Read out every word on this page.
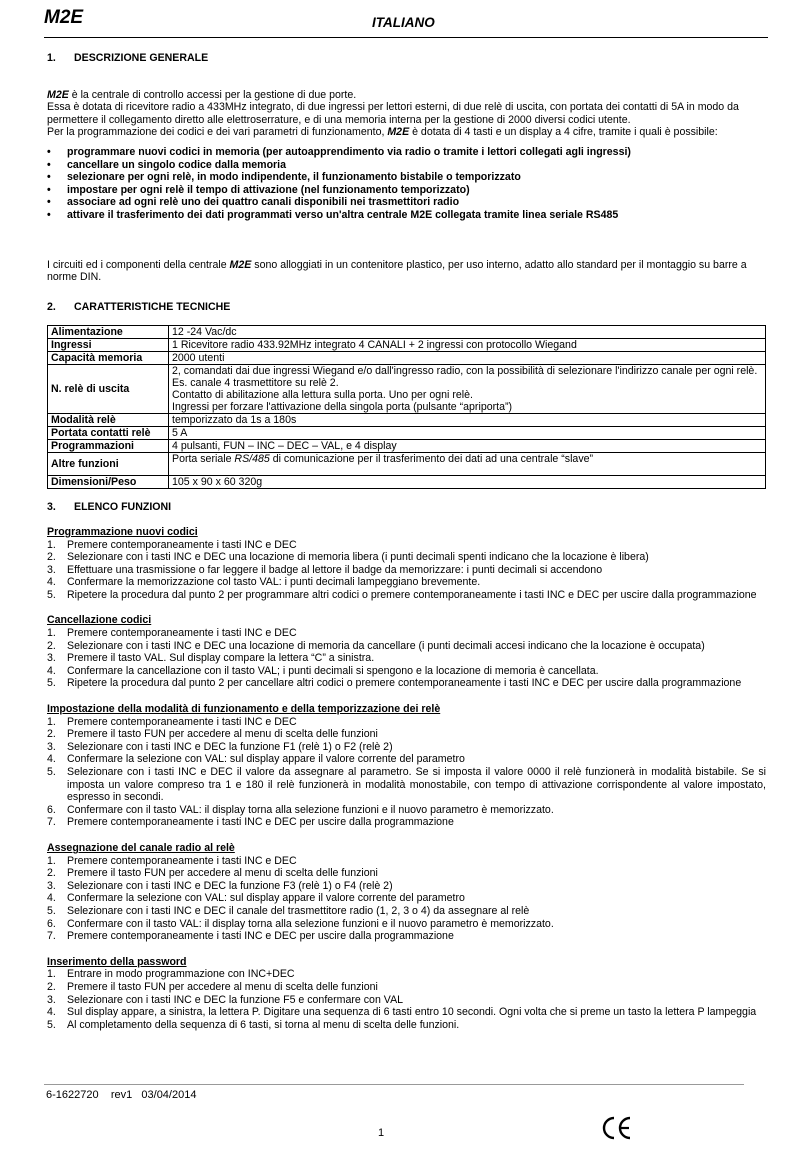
M2E	ITALIANO
1. DESCRIZIONE GENERALE

M2E è la centrale di controllo accessi per la gestione di due porte.

Essa è dotata di ricevitore radio a 433MHz integrato, di due ingressi per lettori esterni, di due relè di uscita, con portata dei contatti di 5A in modo da permettere il collegamento diretto alle elettroserrature, e di una memoria interna per la gestione di 2000 diversi codici utente.

Per la programmazione dei codici e dei vari parametri di funzionamento, M2E è dotata di 4 tasti e un display a 4 cifre, tramite i quali è possibile:

• programmare nuovi codici in memoria (per autoapprendimento via radio o tramite i lettori collegati agli ingressi)
• cancellare un singolo codice dalla memoria
• selezionare per ogni relè, in modo indipendente, il funzionamento bistabile o temporizzato
• impostare per ogni relè il tempo di attivazione (nel funzionamento temporizzato)
• associare ad ogni relè uno dei quattro canali disponibili nei trasmettitori radio
• attivare il trasferimento dei dati programmati verso un'altra centrale M2E collegata tramite linea seriale RS485

I circuiti ed i componenti della centrale M2E sono alloggiati in un contenitore plastico, per uso interno, adatto allo standard per il montaggio su barre a norme DIN.

2. CARATTERISTICHE TECNICHE
Alimentazione	12 -24 Vac/dc
Ingressi	1 Ricevitore radio 433.92MHz integrato 4 CANALI + 2 ingressi con protocollo Wiegand
Capacità memoria	2000 utenti
N. relè di uscita	2, comandati dai due ingressi Wiegand e/o dall'ingresso radio, con la possibilità di selezionare l'indirizzo canale per ogni relè. Es. canale 4 trasmettitore su relè 2.
Contatto di abilitazione alla lettura sulla porta. Uno per ogni relè.
Ingressi per forzare l'attivazione della singola porta (pulsante “apriporta”)

Modalità relè	temporizzato da 1s a 180s
Portata contatti relè	5 A
Programmazioni	4 pulsanti, FUN – INC – DEC – VAL, e 4 display
Altre funzioni	Porta seriale RS/485 di comunicazione per il trasferimento dei dati ad una centrale “slave”
Dimensioni/Peso	105 x 90 x 60 320g
3. ELENCO FUNZIONI
Programmazione nuovi codici
1. Premere contemporaneamente i tasti INC e DEC
2. Selezionare con i tasti INC e DEC una locazione di memoria libera (i punti decimali spenti indicano che la locazione è libera)
3. Effettuare una trasmissione o far leggere il badge al lettore il badge da memorizzare: i punti decimali si accendono
4. Confermare la memorizzazione col tasto VAL: i punti decimali lampeggiano brevemente.
5. Ripetere la procedura dal punto 2 per programmare altri codici o premere contemporaneamente i tasti INC e DEC per uscire dalla programmazione
Cancellazione codici
1. Premere contemporaneamente i tasti INC e DEC
2. Selezionare con i tasti INC e DEC una locazione di memoria da cancellare (i punti decimali accesi indicano che la locazione è occupata)
3. Premere il tasto VAL. Sul display compare la lettera “C” a sinistra.
4. Confermare la cancellazione con il tasto VAL; i punti decimali si spengono e la locazione di memoria è cancellata.
5. Ripetere la procedura dal punto 2 per cancellare altri codici o premere contemporaneamente i tasti INC e DEC per uscire dalla programmazione
Impostazione della modalità di funzionamento e della temporizzazione dei relè
1. Premere contemporaneamente i tasti INC e DEC
2. Premere il tasto FUN per accedere al menu di scelta delle funzioni
3. Selezionare con i tasti INC e DEC la funzione F1 (relè 1) o F2 (relè 2)
4. Confermare la selezione con VAL: sul display appare il valore corrente del parametro
5. Selezionare con i tasti INC e DEC il valore da assegnare al parametro. Se si imposta il valore 0000 il relè funzionerà in modalità bistabile. Se si imposta un valore compreso tra 1 e 180 il relè funzionerà in modalità monostabile, con tempo di attivazione corrispondente al valore impostato, espresso in secondi.
6. Confermare con il tasto VAL: il display torna alla selezione funzioni e il nuovo parametro è memorizzato.
7. Premere contemporaneamente i tasti INC e DEC per uscire dalla programmazione
Assegnazione del canale radio al relè
1. Premere contemporaneamente i tasti INC e DEC
2. Premere il tasto FUN per accedere al menu di scelta delle funzioni
3. Selezionare con i tasti INC e DEC la funzione F3 (relè 1) o F4 (relè 2)
4. Confermare la selezione con VAL: sul display appare il valore corrente del parametro
5. Selezionare con i tasti INC e DEC il canale del trasmettitore radio (1, 2, 3 o 4) da assegnare al relè
6. Confermare con il tasto VAL: il display torna alla selezione funzioni e il nuovo parametro è memorizzato.
7. Premere contemporaneamente i tasti INC e DEC per uscire dalla programmazione
Inserimento della password
1. Entrare in modo programmazione con INC+DEC
2. Premere il tasto FUN per accedere al menu di scelta delle funzioni
3. Selezionare con i tasti INC e DEC la funzione F5 e confermare con VAL
4. Sul display appare, a sinistra, la lettera P. Digitare una sequenza di 6 tasti entro 10 secondi. Ogni volta che si preme un tasto la lettera P lampeggia
5. Al completamento della sequenza di 6 tasti, si torna al menu di scelta delle funzioni.
6-1622720    rev1   03/04/2014
1
